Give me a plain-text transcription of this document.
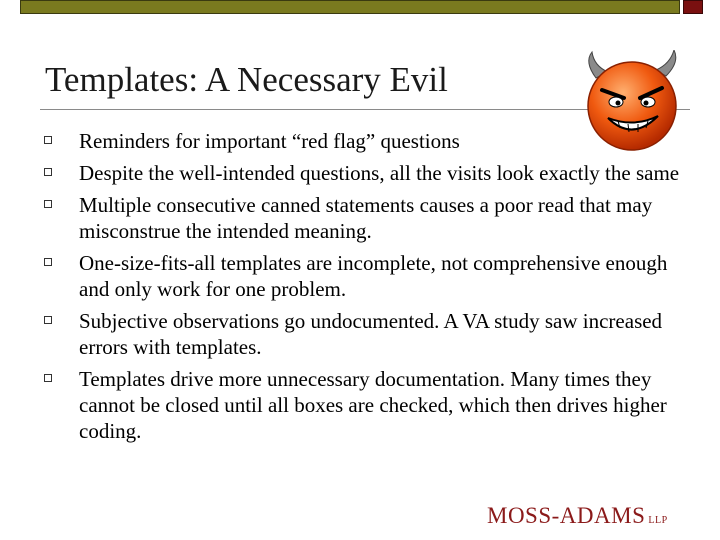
Templates: A Necessary Evil
Reminders for important “red flag” questions
Despite the well-intended questions, all the visits look exactly the same
Multiple consecutive canned statements causes a poor read that may misconstrue the intended meaning.
One-size-fits-all templates are incomplete, not comprehensive enough and only work for one problem.
Subjective observations go undocumented. A VA study saw increased errors with templates.
Templates drive more unnecessary documentation. Many times they cannot be closed until all boxes are checked, which then drives higher coding.
MOSS-ADAMS LLP
